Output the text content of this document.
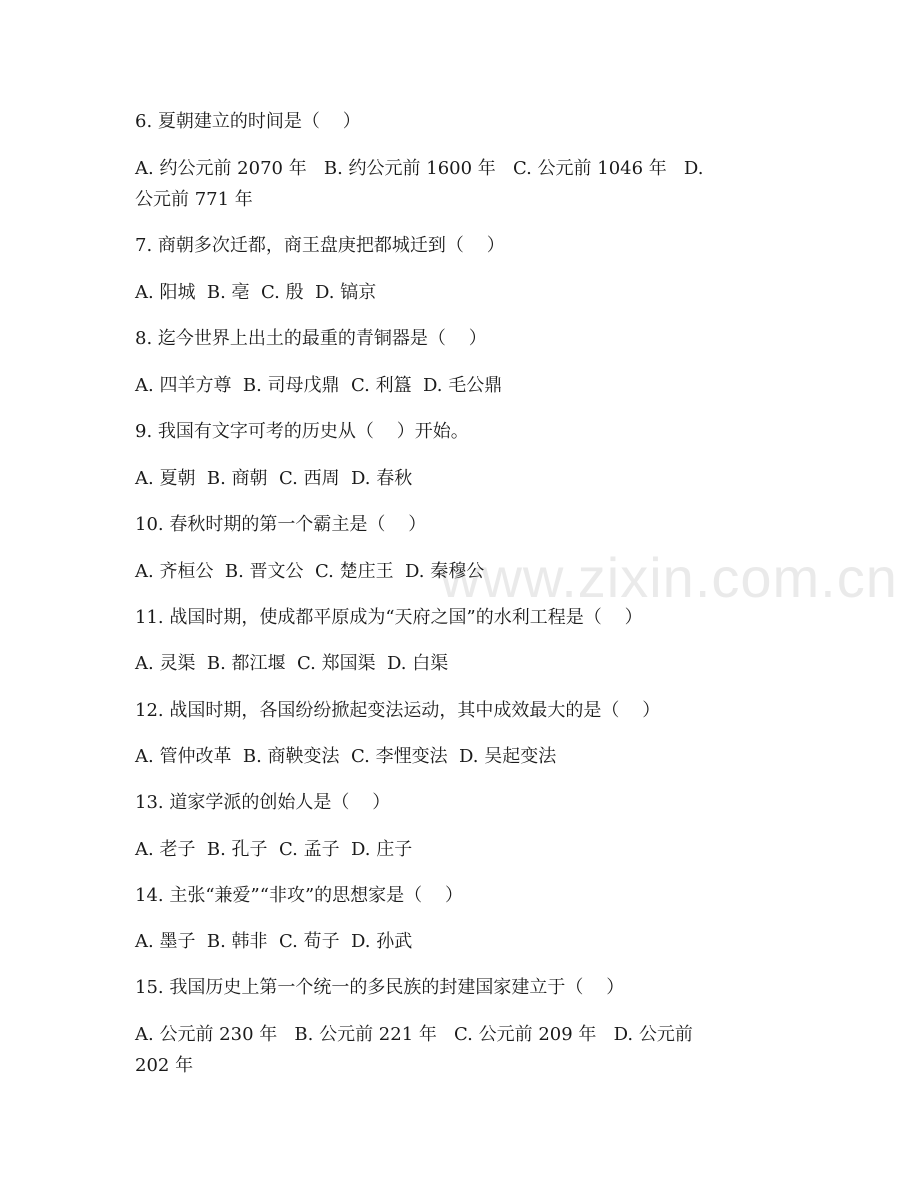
www.zixin.com.cn
6. 夏朝建立的时间是（    ）
A. 约公元前 2070 年   B. 约公元前 1600 年   C. 公元前 1046 年   D.
公元前 771 年
7. 商朝多次迁都，商王盘庚把都城迁到（    ）
A. 阳城  B. 亳  C. 殷  D. 镐京
8. 迄今世界上出土的最重的青铜器是（    ）
A. 四羊方尊  B. 司母戊鼎  C. 利簋  D. 毛公鼎
9. 我国有文字可考的历史从（    ）开始。
A. 夏朝  B. 商朝  C. 西周  D. 春秋
10. 春秋时期的第一个霸主是（    ）
A. 齐桓公  B. 晋文公  C. 楚庄王  D. 秦穆公
11. 战国时期，使成都平原成为“天府之国”的水利工程是（    ）
A. 灵渠  B. 都江堰  C. 郑国渠  D. 白渠
12. 战国时期，各国纷纷掀起变法运动，其中成效最大的是（    ）
A. 管仲改革  B. 商鞅变法  C. 李悝变法  D. 吴起变法
13. 道家学派的创始人是（    ）
A. 老子  B. 孔子  C. 孟子  D. 庄子
14. 主张“兼爱”“非攻”的思想家是（    ）
A. 墨子  B. 韩非  C. 荀子  D. 孙武
15. 我国历史上第一个统一的多民族的封建国家建立于（    ）
A. 公元前 230 年   B. 公元前 221 年   C. 公元前 209 年   D. 公元前
202 年
